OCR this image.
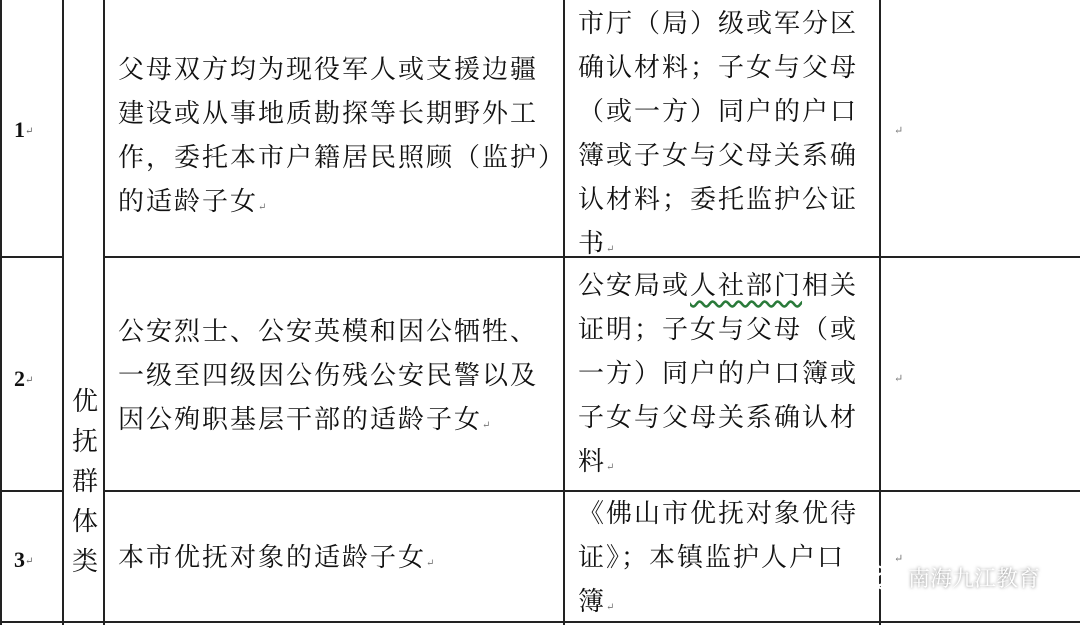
1↵
父母双方均为现役军人或支援边疆建设或从事地质勘探等长期野外工作，委托本市户籍居民照顾（监护）的适龄子女↵
市厅（局）级或军分区确认材料；子女与父母（或一方）同户的户口簿或子女与父母关系确认材料；委托监护公证书↵
↵
2↵
公安烈士、公安英模和因公牺牲、一级至四级因公伤残公安民警以及因公殉职基层干部的适龄子女↵
公安局或人社部门相关证明；子女与父母（或一方）同户的户口簿或子女与父母关系确认材料↵
↵
优抚群体类
3↵	本市优抚对象的适龄子女↵
《佛山市优抚对象优待证》；本镇监护人户口簿↵
↵
南海九江教育
